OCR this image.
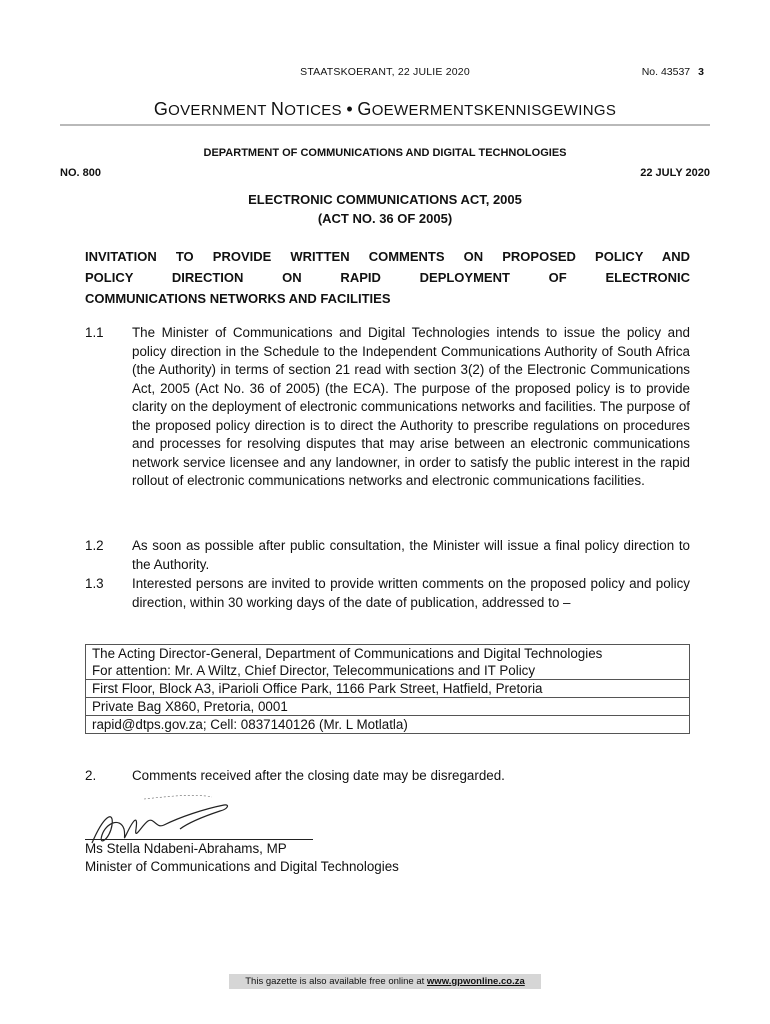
STAATSKOERANT, 22 JULIE 2020	No. 43537 3
GOVERNMENT NOTICES • GOEWERMENTSKENNISGEWINGS
DEPARTMENT OF COMMUNICATIONS AND DIGITAL TECHNOLOGIES
NO. 800	22 JULY 2020
ELECTRONIC COMMUNICATIONS ACT, 2005
(ACT NO. 36 OF 2005)
INVITATION TO PROVIDE WRITTEN COMMENTS ON PROPOSED POLICY AND
POLICY DIRECTION ON RAPID DEPLOYMENT OF ELECTRONIC
COMMUNICATIONS NETWORKS AND FACILITIES
1.1	The Minister of Communications and Digital Technologies intends to issue the policy and policy direction in the Schedule to the Independent Communications Authority of South Africa (the Authority) in terms of section 21 read with section 3(2) of the Electronic Communications Act, 2005 (Act No. 36 of 2005) (the ECA). The purpose of the proposed policy is to provide clarity on the deployment of electronic communications networks and facilities. The purpose of the proposed policy direction is to direct the Authority to prescribe regulations on procedures and processes for resolving disputes that may arise between an electronic communications network service licensee and any landowner, in order to satisfy the public interest in the rapid rollout of electronic communications networks and electronic communications facilities.
1.2	As soon as possible after public consultation, the Minister will issue a final policy direction to the Authority.
1.3	Interested persons are invited to provide written comments on the proposed policy and policy direction, within 30 working days of the date of publication, addressed to –
The Acting Director-General, Department of Communications and Digital Technologies
For attention: Mr. A Wiltz, Chief Director, Telecommunications and IT Policy

First Floor, Block A3, iParioli Office Park, 1166 Park Street, Hatfield, Pretoria
Private Bag X860, Pretoria, 0001
rapid@dtps.gov.za; Cell: 0837140126 (Mr. L Motlatla)
2.	Comments received after the closing date may be disregarded.
Ms Stella Ndabeni-Abrahams, MP
Minister of Communications and Digital Technologies
This gazette is also available free online at www.gpwonline.co.za
